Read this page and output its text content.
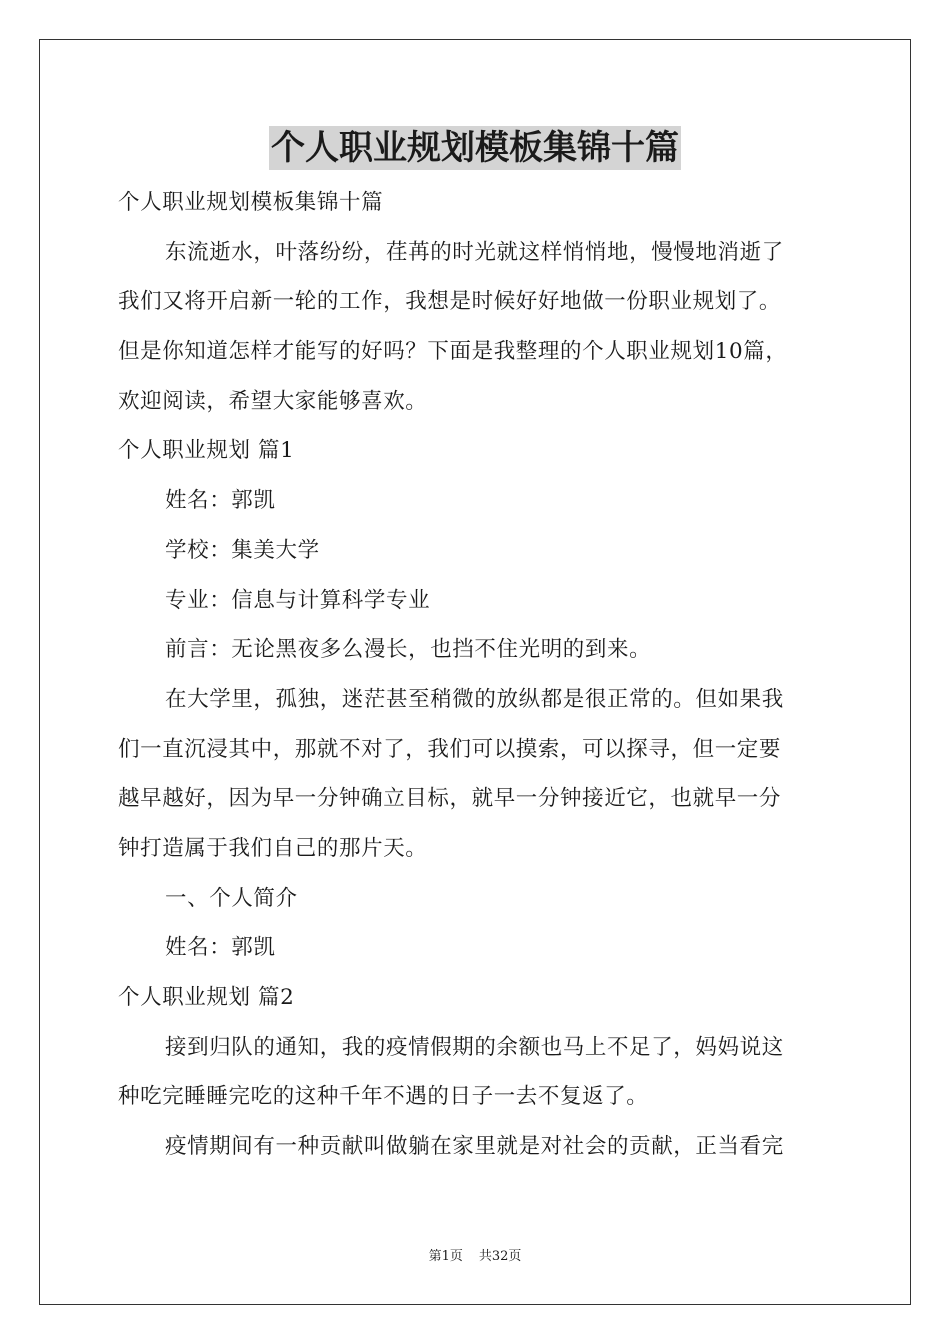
个人职业规划模板集锦十篇
个人职业规划模板集锦十篇
东流逝水，叶落纷纷，荏苒的时光就这样悄悄地，慢慢地消逝了
我们又将开启新一轮的工作，我想是时候好好地做一份职业规划了。
但是你知道怎样才能写的好吗？下面是我整理的个人职业规划10篇，
欢迎阅读，希望大家能够喜欢。
个人职业规划 篇1
姓名：郭凯
学校：集美大学
专业：信息与计算科学专业
前言：无论黑夜多么漫长，也挡不住光明的到来。
在大学里，孤独，迷茫甚至稍微的放纵都是很正常的。但如果我
们一直沉浸其中，那就不对了，我们可以摸索，可以探寻，但一定要
越早越好，因为早一分钟确立目标，就早一分钟接近它，也就早一分
钟打造属于我们自己的那片天。
一、个人简介
姓名：郭凯
个人职业规划 篇2
接到归队的通知，我的疫情假期的余额也马上不足了，妈妈说这
种吃完睡睡完吃的这种千年不遇的日子一去不复返了。
疫情期间有一种贡献叫做躺在家里就是对社会的贡献，正当看完
第1页 共32页
